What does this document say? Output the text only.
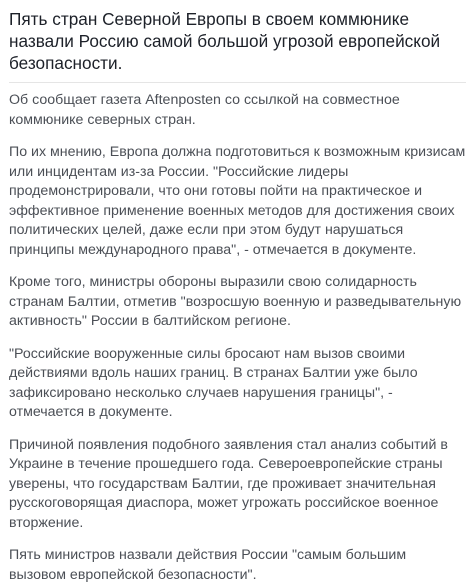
Пять стран Северной Европы в своем коммюнике назвали Россию самой большой угрозой европейской безопасности.

Об сообщает газета Aftenposten со ссылкой на совместное коммюнике северных стран.

По их мнению, Европа должна подготовиться к возможным кризисам или инцидентам из-за России. "Российские лидеры продемонстрировали, что они готовы пойти на практическое и эффективное применение военных методов для достижения своих политических целей, даже если при этом будут нарушаться принципы международного права", - отмечается в документе.

Кроме того, министры обороны выразили свою солидарность странам Балтии, отметив "возросшую военную и разведывательную активность" России в балтийском регионе.

"Российские вооруженные силы бросают нам вызов своими действиями вдоль наших границ. В странах Балтии уже было зафиксировано несколько случаев нарушения границы", - отмечается в документе.

Причиной появления подобного заявления стал анализ событий в Украине в течение прошедшего года. Североевропейские страны уверены, что государствам Балтии, где проживает значительная русскоговорящая диаспора, может угрожать российское военное вторжение.

Пять министров назвали действия России "самым большим вызовом европейской безопасности".
